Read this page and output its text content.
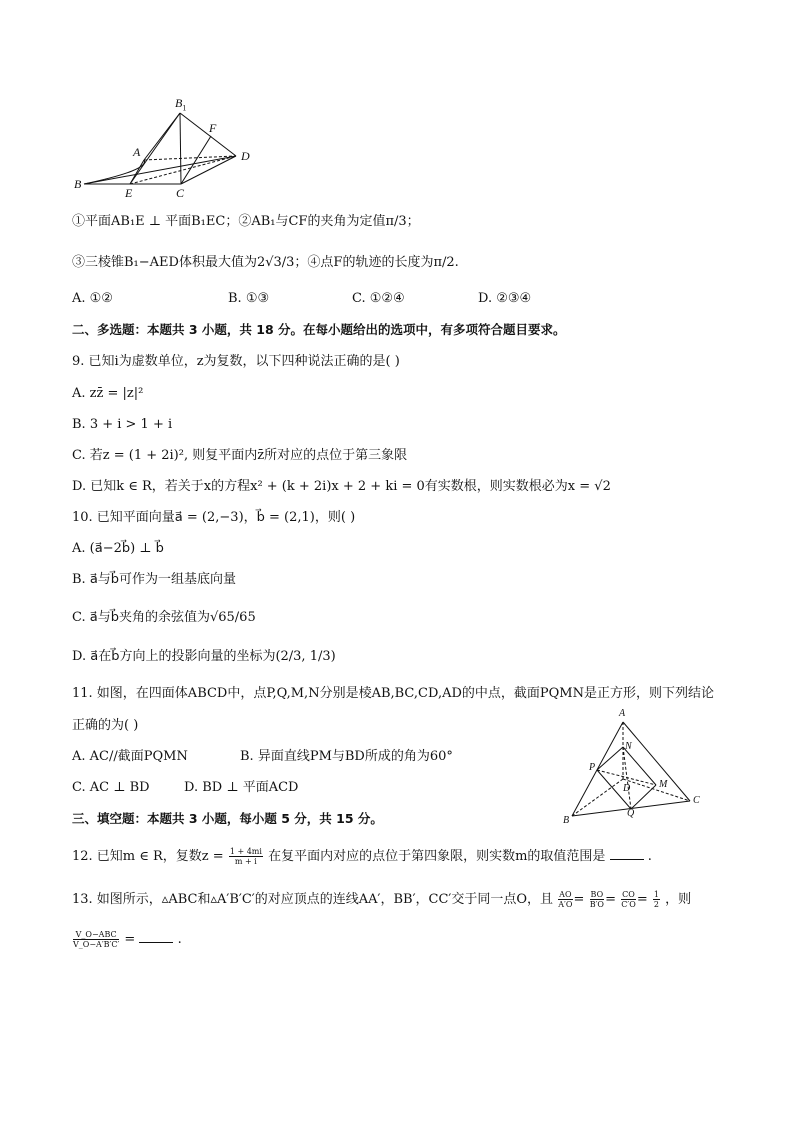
$B_1$
F
A	D
B
E	C
①平面AB₁E ⊥ 平面B₁EC；②AB₁与CF的夹角为定值π/3；
③三棱锥B₁−AED体积最大值为2√3/3；④点F的轨迹的长度为π/2.
A. ①②	B. ①③	C. ①②④	D. ②③④
二、多选题：本题共 3 小题，共 18 分。在每小题给出的选项中，有多项符合题目要求。
9. 已知i为虚数单位，z为复数，以下四种说法正确的是( )
A. zz̄ = |z|²
B. 3 + i > 1 + i
C. 若z = (1 + 2i)², 则复平面内z̄所对应的点位于第三象限
D. 已知k ∈ R，若关于x的方程x² + (k + 2i)x + 2 + ki = 0有实数根，则实数根必为x = √2
10. 已知平面向量a⃗ = (2,−3)，b⃗ = (2,1)，则( )
A. (a⃗−2b⃗) ⊥ b⃗
B. a⃗与b⃗可作为一组基底向量
C. a⃗与b⃗夹角的余弦值为√65/65
D. a⃗在b⃗方向上的投影向量的坐标为(2/3, 1/3)
11. 如图，在四面体ABCD中，点P,Q,M,N分别是棱AB,BC,CD,AD的中点，截面PQMN是正方形，则下列结论
正确的为( )
A. AC//截面PQMN	B. 异面直线PM与BD所成的角为60°
C. AC ⊥ BD	D. BD ⊥ 平面ACD
A
N
P
D	M
C
B
Q
三、填空题：本题共 3 小题，每小题 5 分，共 15 分。
12. 已知m ∈ R，复数$z = \frac{1 + 4mi}{m + i}$ 在复平面内对应的点位于第四象限，则实数m的取值范围是	.
13. 如图所示，▵ABC和▵A′B′C′的对应顶点的连线AA′，BB′，CC′交于同一点O，且 $\frac{AO}{A'O} = \frac{BO}{B'O} = \frac{CO}{C'O} = \frac{1}{2}$ ，则
V_O−ABC
V_O−A′B′C′ =	.
